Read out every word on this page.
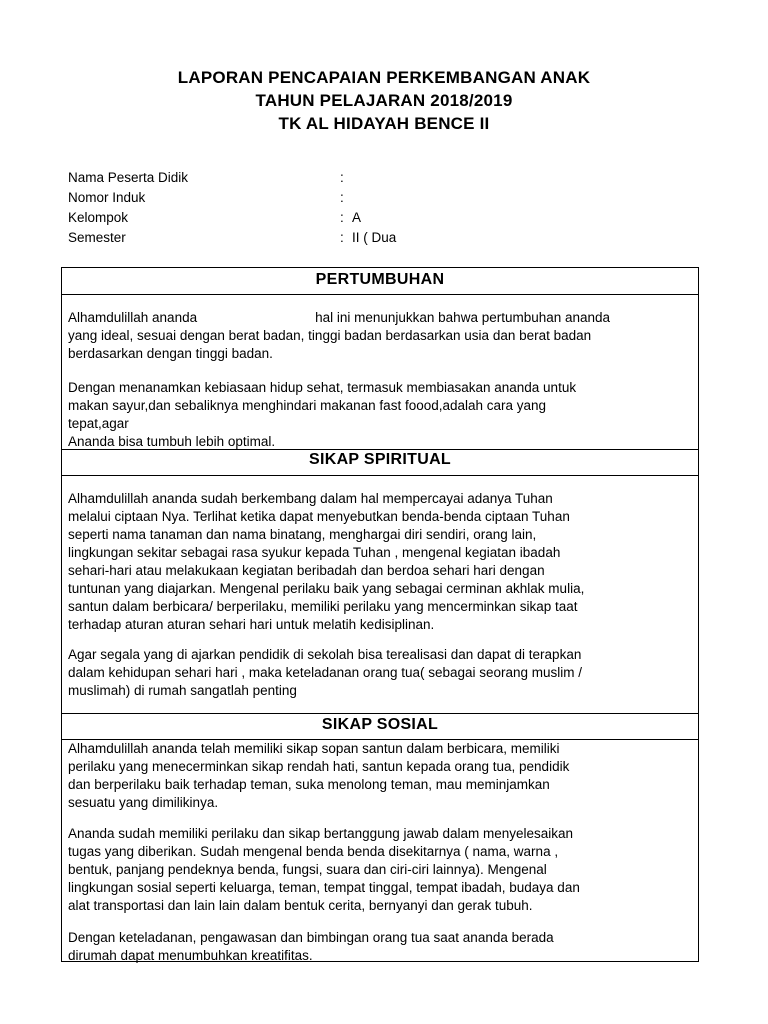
LAPORAN PENCAPAIAN PERKEMBANGAN ANAK
TAHUN PELAJARAN 2018/2019
TK AL HIDAYAH BENCE II
Nama Peserta Didik	:
Nomor Induk	:
Kelompok	: A
Semester	: II ( Dua
PERTUMBUHAN
Alhamdulillah ananda	hal ini menunjukkan bahwa pertumbuhan ananda
yang ideal, sesuai dengan berat badan, tinggi badan berdasarkan usia dan berat badan
berdasarkan dengan tinggi badan.
Dengan menanamkan kebiasaan hidup sehat, termasuk membiasakan ananda untuk
makan sayur,dan sebaliknya menghindari makanan fast foood,adalah cara yang
tepat,agar
Ananda bisa tumbuh lebih optimal.
SIKAP SPIRITUAL
Alhamdulillah ananda sudah berkembang dalam hal mempercayai adanya Tuhan
melalui ciptaan Nya. Terlihat ketika dapat menyebutkan benda-benda ciptaan Tuhan
seperti nama tanaman dan nama binatang, menghargai diri sendiri, orang lain,
lingkungan sekitar sebagai rasa syukur kepada Tuhan , mengenal kegiatan ibadah
sehari-hari atau melakukaan kegiatan beribadah dan berdoa sehari hari dengan
tuntunan yang diajarkan. Mengenal perilaku baik yang sebagai cerminan akhlak mulia,
santun dalam berbicara/ berperilaku, memiliki perilaku yang mencerminkan sikap taat
terhadap aturan aturan sehari hari untuk melatih kedisiplinan.
Agar segala yang di ajarkan pendidik di sekolah bisa terealisasi dan dapat di terapkan
dalam kehidupan sehari hari , maka keteladanan orang tua( sebagai seorang muslim /
muslimah) di rumah sangatlah penting
SIKAP SOSIAL
Alhamdulillah ananda telah memiliki sikap sopan santun dalam berbicara, memiliki
perilaku yang menecerminkan sikap rendah hati, santun kepada orang tua, pendidik
dan berperilaku baik terhadap teman, suka menolong teman, mau meminjamkan
sesuatu yang dimilikinya.
Ananda sudah memiliki perilaku dan sikap bertanggung jawab dalam menyelesaikan
tugas yang diberikan. Sudah mengenal benda benda disekitarnya ( nama, warna ,
bentuk, panjang pendeknya benda, fungsi, suara dan ciri-ciri lainnya). Mengenal
lingkungan sosial seperti keluarga, teman, tempat tinggal, tempat ibadah, budaya dan
alat transportasi dan lain lain dalam bentuk cerita, bernyanyi dan gerak tubuh.
Dengan keteladanan, pengawasan dan bimbingan orang tua saat ananda berada
dirumah dapat menumbuhkan kreatifitas.
